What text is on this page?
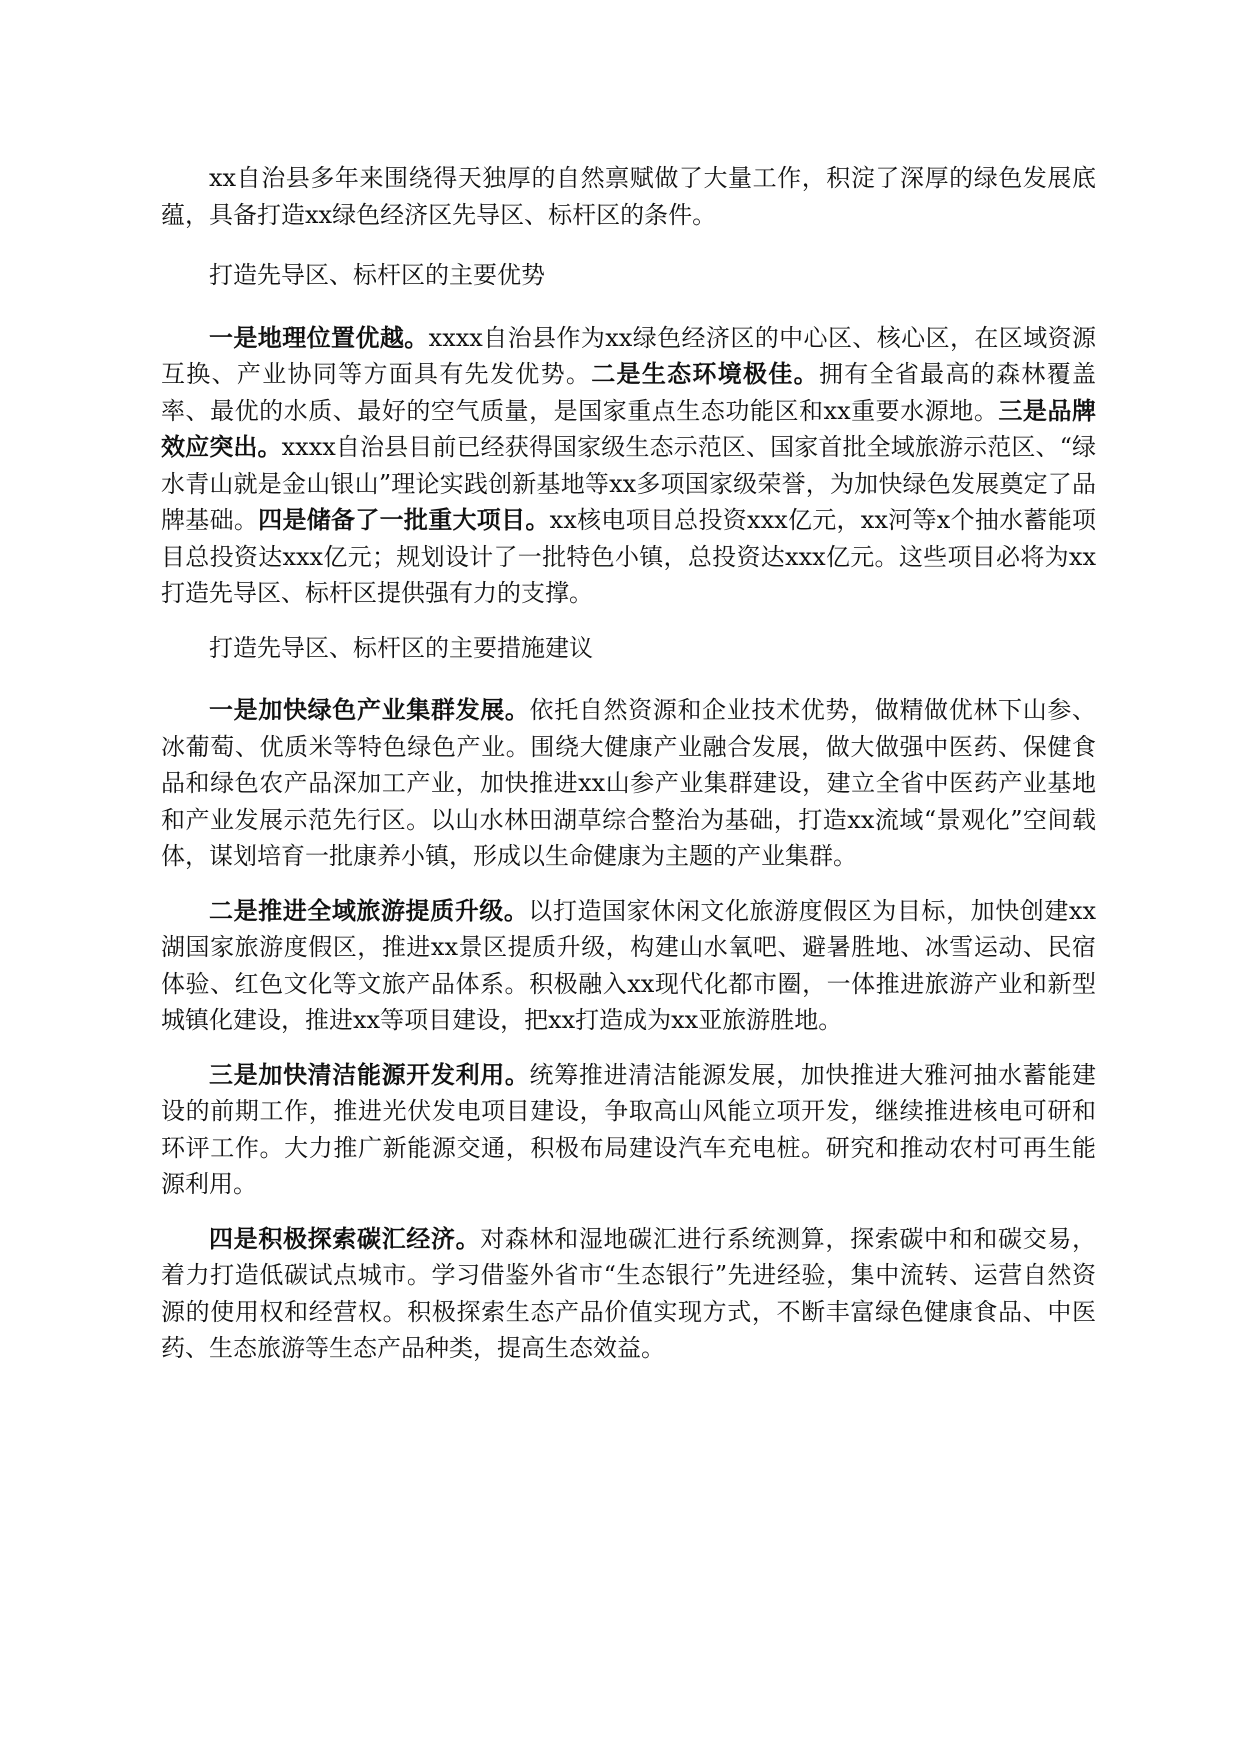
xx自治县多年来围绕得天独厚的自然禀赋做了大量工作，积淀了深厚的绿色发展底蕴，具备打造xx绿色经济区先导区、标杆区的条件。

打造先导区、标杆区的主要优势

一是地理位置优越。xxxx自治县作为xx绿色经济区的中心区、核心区，在区域资源互换、产业协同等方面具有先发优势。二是生态环境极佳。拥有全省最高的森林覆盖率、最优的水质、最好的空气质量，是国家重点生态功能区和xx重要水源地。三是品牌效应突出。xxxx自治县目前已经获得国家级生态示范区、国家首批全域旅游示范区、“绿水青山就是金山银山”理论实践创新基地等xx多项国家级荣誉，为加快绿色发展奠定了品牌基础。四是储备了一批重大项目。xx核电项目总投资xxx亿元，xx河等x个抽水蓄能项目总投资达xxx亿元；规划设计了一批特色小镇，总投资达xxx亿元。这些项目必将为xx打造先导区、标杆区提供强有力的支撑。

打造先导区、标杆区的主要措施建议

一是加快绿色产业集群发展。依托自然资源和企业技术优势，做精做优林下山参、冰葡萄、优质米等特色绿色产业。围绕大健康产业融合发展，做大做强中医药、保健食品和绿色农产品深加工产业，加快推进xx山参产业集群建设，建立全省中医药产业基地和产业发展示范先行区。以山水林田湖草综合整治为基础，打造xx流域“景观化”空间载体，谋划培育一批康养小镇，形成以生命健康为主题的产业集群。

二是推进全域旅游提质升级。以打造国家休闲文化旅游度假区为目标，加快创建xx湖国家旅游度假区，推进xx景区提质升级，构建山水氧吧、避暑胜地、冰雪运动、民宿体验、红色文化等文旅产品体系。积极融入xx现代化都市圈，一体推进旅游产业和新型城镇化建设，推进xx等项目建设，把xx打造成为xx亚旅游胜地。

三是加快清洁能源开发利用。统筹推进清洁能源发展，加快推进大雅河抽水蓄能建设的前期工作，推进光伏发电项目建设，争取高山风能立项开发，继续推进核电可研和环评工作。大力推广新能源交通，积极布局建设汽车充电桩。研究和推动农村可再生能源利用。

四是积极探索碳汇经济。对森林和湿地碳汇进行系统测算，探索碳中和和碳交易，着力打造低碳试点城市。学习借鉴外省市“生态银行”先进经验，集中流转、运营自然资源的使用权和经营权。积极探索生态产品价值实现方式，不断丰富绿色健康食品、中医药、生态旅游等生态产品种类，提高生态效益。
